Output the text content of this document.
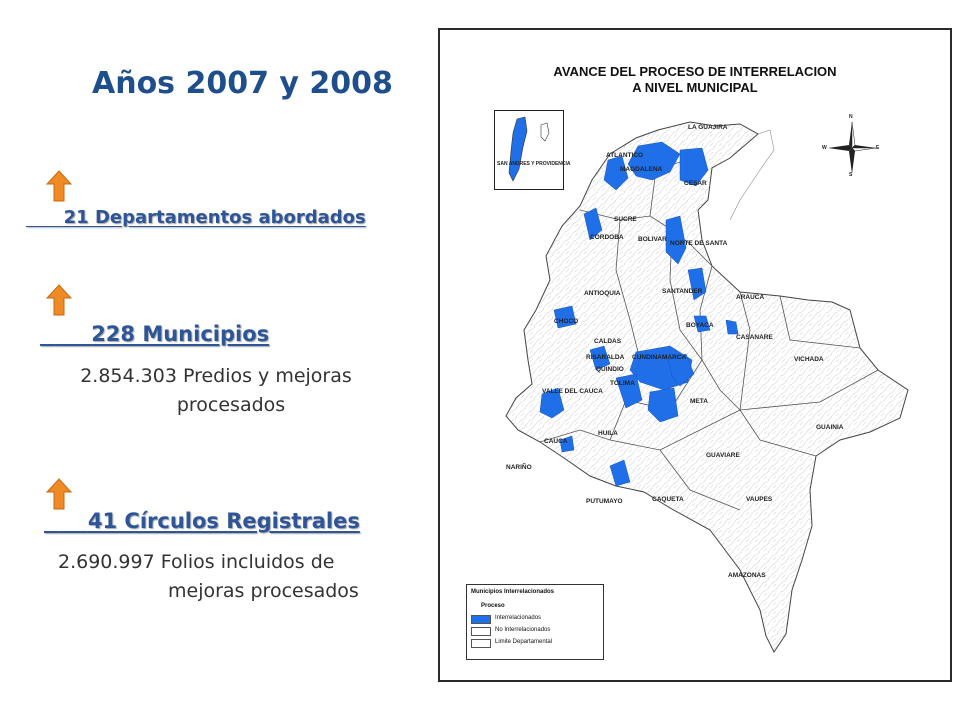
Años 2007 y 2008

21 Departamentos abordados

228 Municipios

2.854.303 Predios y mejoras
procesados

41 Círculos Registrales

2.690.997 Folios incluidos de
mejoras procesados
AVANCE DEL PROCESO DE INTERRELACION
A NIVEL MUNICIPAL
SAN ANDRES Y PROVIDENCIA
N
S
E
W
LA GUAJIRA
ATLANTICO
MAGDALENA
CESAR
SUCRE
CORDOBA BOLIVAR
NORTE DE SANTA
ANTIOQUIA	SANTANDER
ARAUCA
CHOCO
BOYACA
CASANARE
CALDAS
RISARALDA CUNDINAMARCA
QUINDIO
VICHADA
VALLE DEL CAUCA
TOLIMA
META
GUAINIA
HUILA
CAUCA
GUAVIARE
NARIÑO
CAQUETA	VAUPES
PUTUMAYO
AMAZONAS
Municipios Interrelacionados
Proceso
Interrelacionados
No Interrelacionados
Limite Departamental
